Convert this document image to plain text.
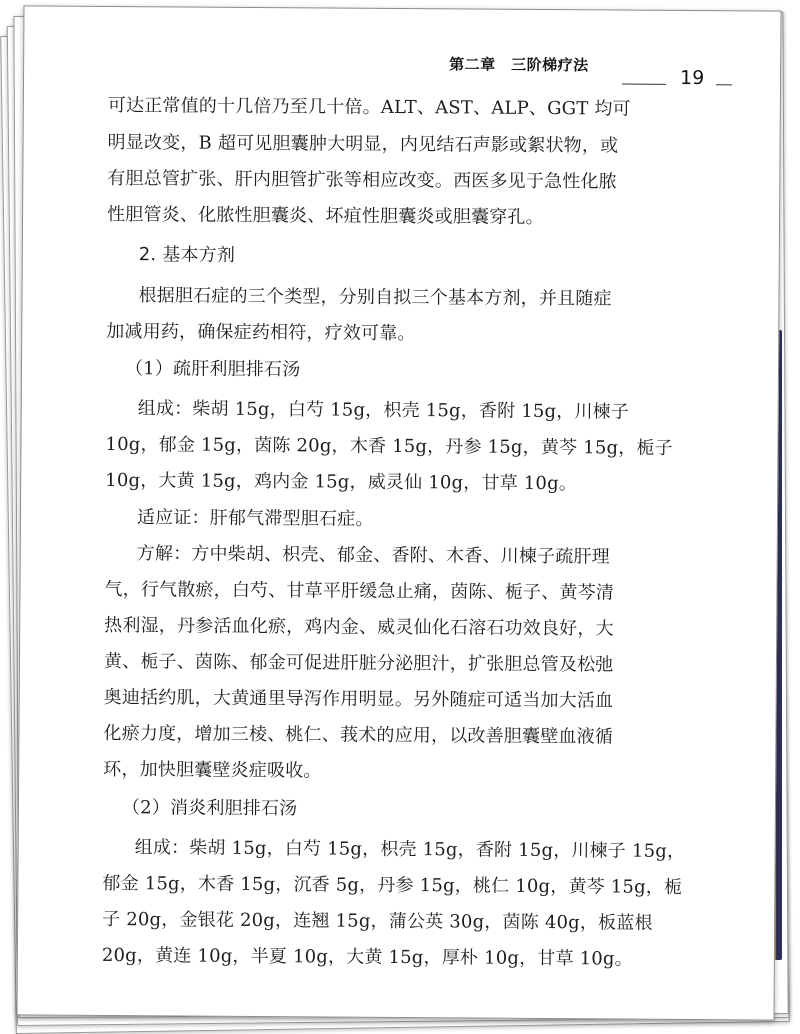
第二章　三阶梯疗法
19
可达正常值的十几倍乃至几十倍。ALT、AST、ALP、GGT 均可
明显改变，B 超可见胆囊肿大明显，内见结石声影或絮状物，或
有胆总管扩张、肝内胆管扩张等相应改变。西医多见于急性化脓
性胆管炎、化脓性胆囊炎、坏疽性胆囊炎或胆囊穿孔。
2. 基本方剂
根据胆石症的三个类型，分别自拟三个基本方剂，并且随症
加减用药，确保症药相符，疗效可靠。
（1）疏肝利胆排石汤
组成：柴胡 15g，白芍 15g，枳壳 15g，香附 15g，川楝子
10g，郁金 15g，茵陈 20g，木香 15g，丹参 15g，黄芩 15g，栀子
10g，大黄 15g，鸡内金 15g，威灵仙 10g，甘草 10g。
适应证：肝郁气滞型胆石症。
方解：方中柴胡、枳壳、郁金、香附、木香、川楝子疏肝理
气，行气散瘀，白芍、甘草平肝缓急止痛，茵陈、栀子、黄芩清
热利湿，丹参活血化瘀，鸡内金、威灵仙化石溶石功效良好，大
黄、栀子、茵陈、郁金可促进肝脏分泌胆汁，扩张胆总管及松弛
奥迪括约肌，大黄通里导泻作用明显。另外随症可适当加大活血
化瘀力度，增加三棱、桃仁、莪术的应用，以改善胆囊壁血液循
环，加快胆囊壁炎症吸收。
（2）消炎利胆排石汤
组成：柴胡 15g，白芍 15g，枳壳 15g，香附 15g，川楝子 15g，
郁金 15g，木香 15g，沉香 5g，丹参 15g，桃仁 10g，黄芩 15g，栀
子 20g，金银花 20g，连翘 15g，蒲公英 30g，茵陈 40g，板蓝根
20g，黄连 10g，半夏 10g，大黄 15g，厚朴 10g，甘草 10g。
